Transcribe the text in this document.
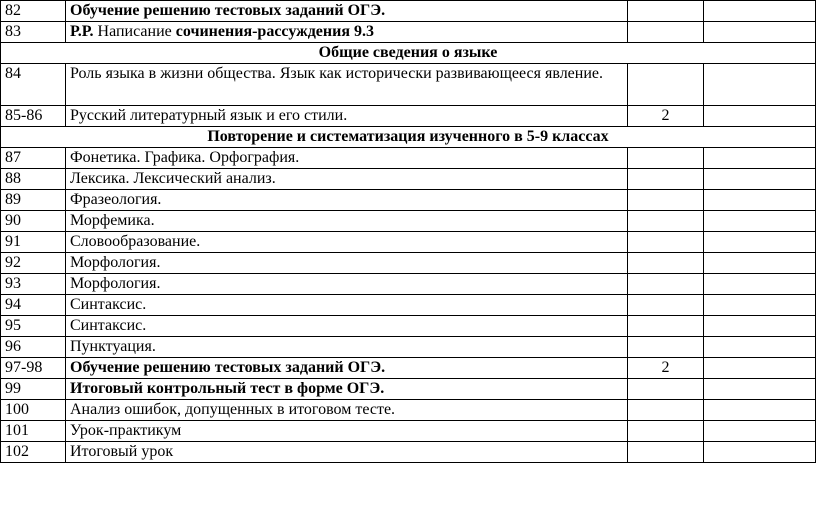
82	Обучение решению тестовых заданий ОГЭ.		
83	Р.Р. Написание сочинения-рассуждения 9.3		
Общие сведения о языке			
84	Роль языка в жизни общества. Язык как исторически развивающееся явление.		
85-86	Русский литературный язык и его стили.	2	
Повторение и систематизация изученного в 5-9 классах			
87	Фонетика. Графика. Орфография.		
88	Лексика. Лексический анализ.		
89	Фразеология.		
90	Морфемика.		
91	Словообразование.		
92	Морфология.		
93	Морфология.		
94	Синтаксис.		
95	Синтаксис.		
96	Пунктуация.		
97-98	Обучение решению тестовых заданий ОГЭ.	2	
99	Итоговый контрольный тест в форме ОГЭ.		
100	Анализ ошибок, допущенных в итоговом тесте.		
101	Урок-практикум		
102	Итоговый урок		
